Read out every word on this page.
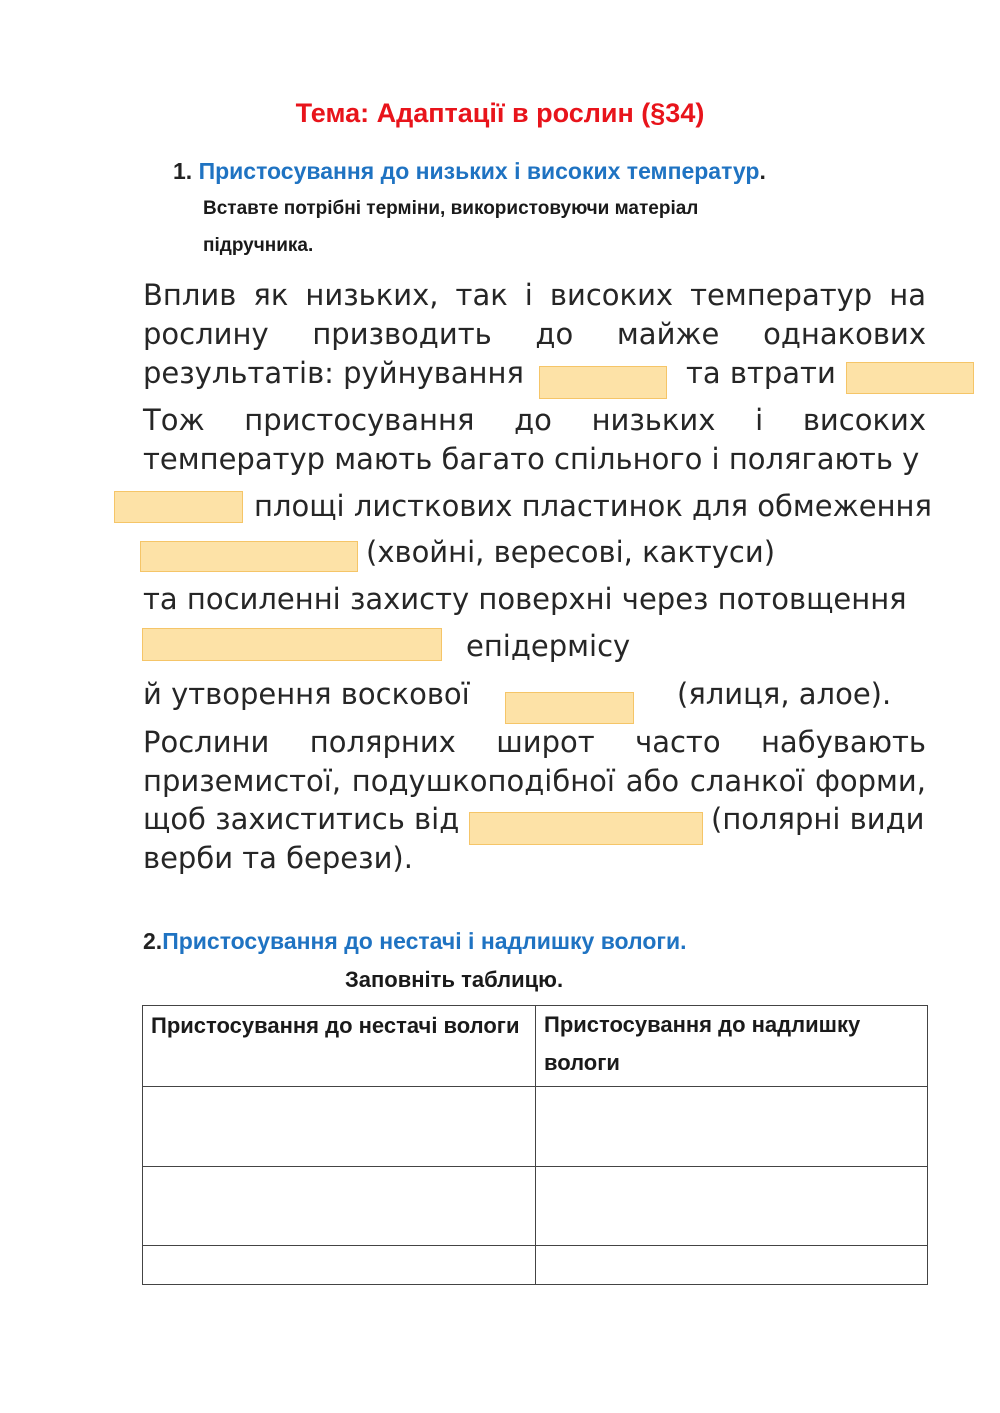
Тема: Адаптації в рослин (§34)
1. Пристосування до низьких і високих температур.
Вставте потрібні терміни, використовуючи матеріал
підручника.
Вплив як низьких, так і високих температур на
рослину призводить до майже однакових
результатів: руйнування	та втрати
Тож пристосування до низьких і високих
температур мають багато спільного і полягають у
площі листкових пластинок для обмеження
(хвойні, вересові, кактуси)
та посиленні захисту поверхні через потовщення
епідермісу
й утворення воскової	(ялиця, алое).
Рослини полярних широт часто набувають
приземистої, подушкоподібної або сланкої форми,
щоб захиститись від	(полярні види
верби та берези).
2.Пристосування до нестачі і надлишку вологи.
Заповніть таблицю.
Пристосування до нестачі вологи	Пристосування до надлишку вологи
